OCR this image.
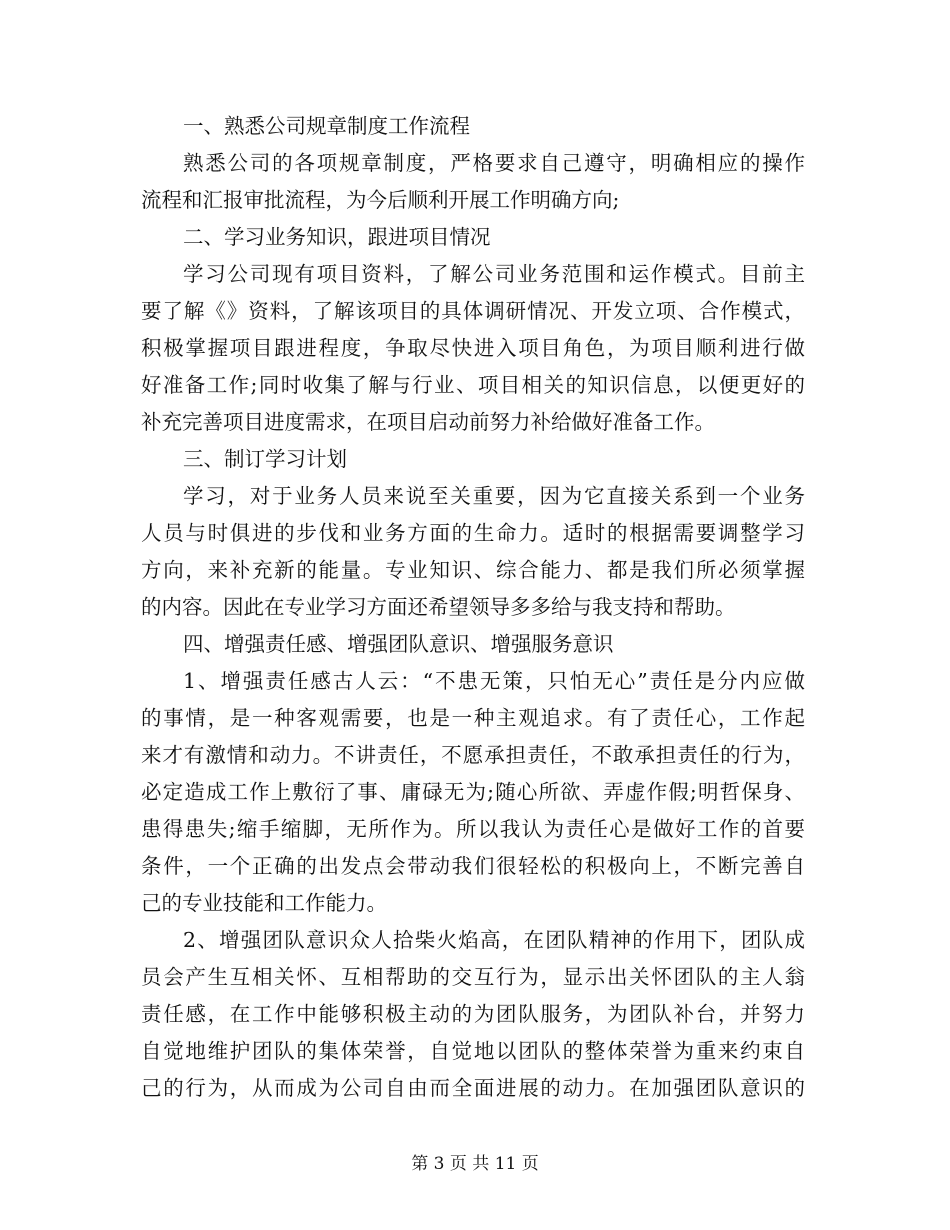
一、熟悉公司规章制度工作流程
熟悉公司的各项规章制度，严格要求自己遵守，明确相应的操作
流程和汇报审批流程，为今后顺利开展工作明确方向;
二、学习业务知识，跟进项目情况
学习公司现有项目资料，了解公司业务范围和运作模式。目前主
要了解《》资料，了解该项目的具体调研情况、开发立项、合作模式，
积极掌握项目跟进程度，争取尽快进入项目角色，为项目顺利进行做
好准备工作;同时收集了解与行业、项目相关的知识信息，以便更好的
补充完善项目进度需求，在项目启动前努力补给做好准备工作。
三、制订学习计划
学习，对于业务人员来说至关重要，因为它直接关系到一个业务
人员与时俱进的步伐和业务方面的生命力。适时的根据需要调整学习
方向，来补充新的能量。专业知识、综合能力、都是我们所必须掌握
的内容。因此在专业学习方面还希望领导多多给与我支持和帮助。
四、增强责任感、增强团队意识、增强服务意识
1、增强责任感古人云：“不患无策，只怕无心”责任是分内应做
的事情，是一种客观需要，也是一种主观追求。有了责任心，工作起
来才有激情和动力。不讲责任，不愿承担责任，不敢承担责任的行为，
必定造成工作上敷衍了事、庸碌无为;随心所欲、弄虚作假;明哲保身、
患得患失;缩手缩脚，无所作为。所以我认为责任心是做好工作的首要
条件，一个正确的出发点会带动我们很轻松的积极向上，不断完善自
己的专业技能和工作能力。
2、增强团队意识众人拾柴火焰高，在团队精神的作用下，团队成
员会产生互相关怀、互相帮助的交互行为，显示出关怀团队的主人翁
责任感，在工作中能够积极主动的为团队服务，为团队补台，并努力
自觉地维护团队的集体荣誉，自觉地以团队的整体荣誉为重来约束自
己的行为，从而成为公司自由而全面进展的动力。在加强团队意识的
第 3 页 共 11 页
